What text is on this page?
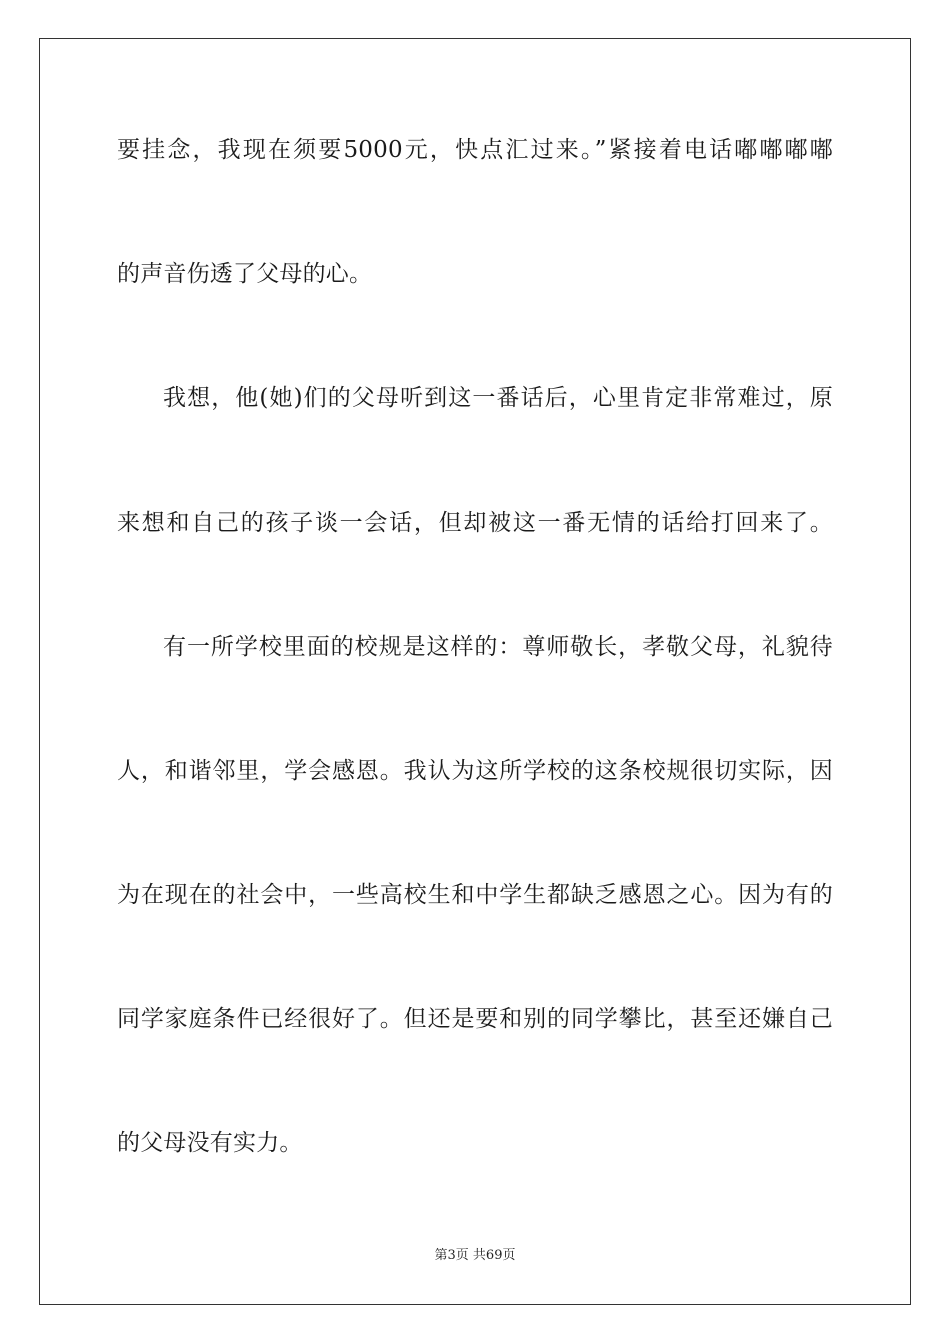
要挂念，我现在须要5000元，快点汇过来。”紧接着电话嘟嘟嘟嘟
的声音伤透了父母的心。
我想，他(她)们的父母听到这一番话后，心里肯定非常难过，原
来想和自己的孩子谈一会话，但却被这一番无情的话给打回来了。
有一所学校里面的校规是这样的：尊师敬长，孝敬父母，礼貌待
人，和谐邻里，学会感恩。我认为这所学校的这条校规很切实际，因
为在现在的社会中，一些高校生和中学生都缺乏感恩之心。因为有的
同学家庭条件已经很好了。但还是要和别的同学攀比，甚至还嫌自己
的父母没有实力。
第3页 共69页
